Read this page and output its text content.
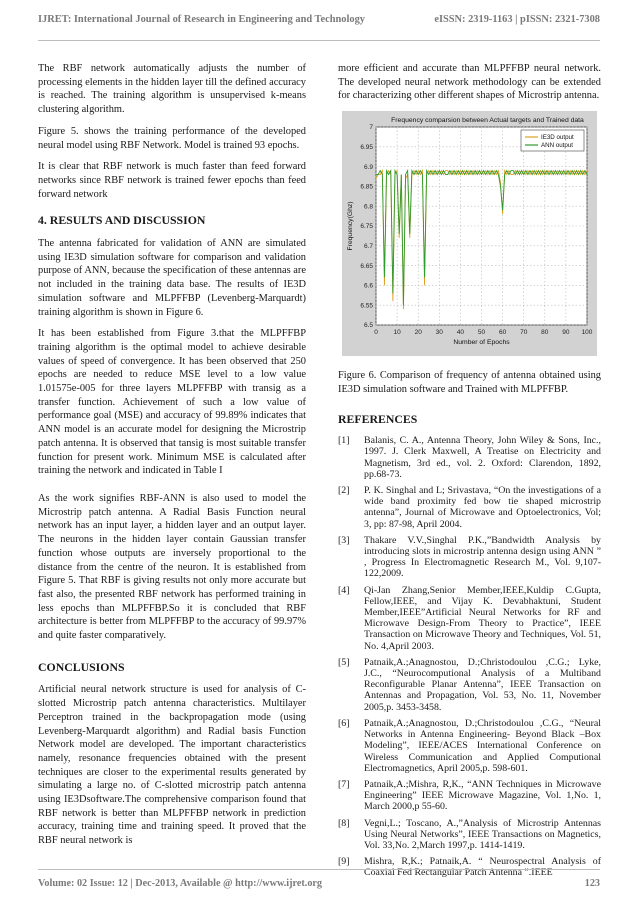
IJRET: International Journal of Research in Engineering and Technology	eISSN: 2319-1163 | pISSN: 2321-7308

The RBF network automatically adjusts the number of processing elements in the hidden layer till the defined accuracy is reached. The training algorithm is unsupervised k-means clustering algorithm.

Figure 5. shows the training performance of the developed neural model using RBF Network. Model is trained 93 epochs.

It is clear that RBF network is much faster than feed forward networks since RBF network is trained fewer epochs than feed forward network

4. RESULTS AND DISCUSSION

The antenna fabricated for validation of ANN are simulated using IE3D simulation software for comparison and validation purpose of ANN, because the specification of these antennas are not included in the training data base. The results of IE3D simulation software and MLPFFBP (Levenberg-Marquardt) training algorithm is shown in Figure 6.

It has been established from Figure 3.that the MLPFFBP training algorithm is the optimal model to achieve desirable values of speed of convergence. It has been observed that 250 epochs are needed to reduce MSE level to a low value 1.01575e-005 for three layers MLPFFBP with transig as a transfer function. Achievement of such a low value of performance goal (MSE) and accuracy of 99.89% indicates that ANN model is an accurate model for designing the Microstrip patch antenna. It is observed that tansig is most suitable transfer function for present work. Minimum MSE is calculated after training the network and indicated in Table I

As the work signifies RBF-ANN is also used to model the Microstrip patch antenna. A Radial Basis Function neural network has an input layer, a hidden layer and an output layer. The neurons in the hidden layer contain Gaussian transfer function whose outputs are inversely proportional to the distance from the centre of the neuron. It is established from Figure 5. That RBF is giving results not only more accurate but fast also, the presented RBF network has performed training in less epochs than MLPFFBP.So it is concluded that RBF architecture is better from MLPFFBP to the accuracy of 99.97% and quite faster comparatively.

CONCLUSIONS

Artificial neural network structure is used for analysis of C-slotted Microstrip patch antenna characteristics. Multilayer Perceptron trained in the backpropagation mode (using Levenberg-Marquardt algorithm) and Radial basis Function Network model are developed. The important characteristics namely, resonance frequencies obtained with the present techniques are closer to the experimental results generated by simulating a large no. of C-slotted microstrip patch antenna using IE3Dsoftware.The comprehensive comparison found that RBF network is better than MLPFFBP network in prediction accuracy, training time and training speed. It proved that the RBF neural network is

more efficient and accurate than MLPFFBP neural network. The developed neural network methodology can be extended for characterizing other different shapes of Microstrip antenna.

0 10 20 30 40 50 60 70 80 90 100
6.5
6.55
6.6
6.65
6.7
6.75
6.8
6.85
6.9
6.95
7
Frequency comparsion between Actual targets and Trained data
Number of Epochs
Frequency(Ghz)
IE3D output
ANN output

Figure 6. Comparison of frequency of antenna obtained using IE3D simulation software and Trained with MLPFFBP.

REFERENCES
[1]	Balanis, C. A., Antenna Theory, John Wiley & Sons, Inc., 1997. J. Clerk Maxwell, A Treatise on Electricity and Magnetism, 3rd ed., vol. 2. Oxford: Clarendon, 1892, pp.68-73.
[2]	P. K. Singhal and L; Srivastava, “On the investigations of a wide band proximity fed bow tie shaped microstrip antenna”, Journal of Microwave and Optoelectronics, Vol; 3, pp: 87-98, April 2004.
[3]	Thakare V.V.,Singhal P.K.,”Bandwidth Analysis by introducing slots in microstrip antenna design using ANN ” , Progress In Electromagnetic Research M., Vol. 9,107-122,2009.
[4]	Qi-Jan Zhang,Senior Member,IEEE,Kuldip C.Gupta, Fellow,IEEE, and Vijay K. Devabhaktuni, Student Member,IEEE”Artificial Neural Networks for RF and Microwave Design-From Theory to Practice”, IEEE Transaction on Microwave Theory and Techniques, Vol. 51, No. 4,April 2003.
[5]	Patnaik,A.;Anagnostou, D.;Christodoulou ,C.G.; Lyke, J.C., “Neurocomputional Analysis of a Multiband Reconfigurable Planar Antenna”, IEEE Transaction on Antennas and Propagation, Vol. 53, No. 11, November 2005,p. 3453-3458.
[6]	Patnaik,A.;Anagnostou, D.;Christodoulou ,C.G., “Neural Networks in Antenna Engineering- Beyond Black –Box Modeling”, IEEE/ACES International Conference on Wireless Communication and Applied Computional Electromagnetics, April 2005,p. 598-601.
[7]	Patnaik,A.;Mishra, R,K., “ANN Techniques in Microwave Engineering” IEEE Microwave Magazine, Vol. 1,No. 1, March 2000,p 55-60.
[8]	Vegni,L.; Toscano, A.,”Analysis of Microstrip Antennas Using Neural Networks”, IEEE Transactions on Magnetics, Vol. 33,No. 2,March 1997,p. 1414-1419.
[9]	Mishra, R,K.; Patnaik,A. “ Neurospectral Analysis of Coaxial Fed Rectangular Patch Antenna ”.IEEE
Volume: 02 Issue: 12 | Dec-2013, Available @ http://www.ijret.org	123
